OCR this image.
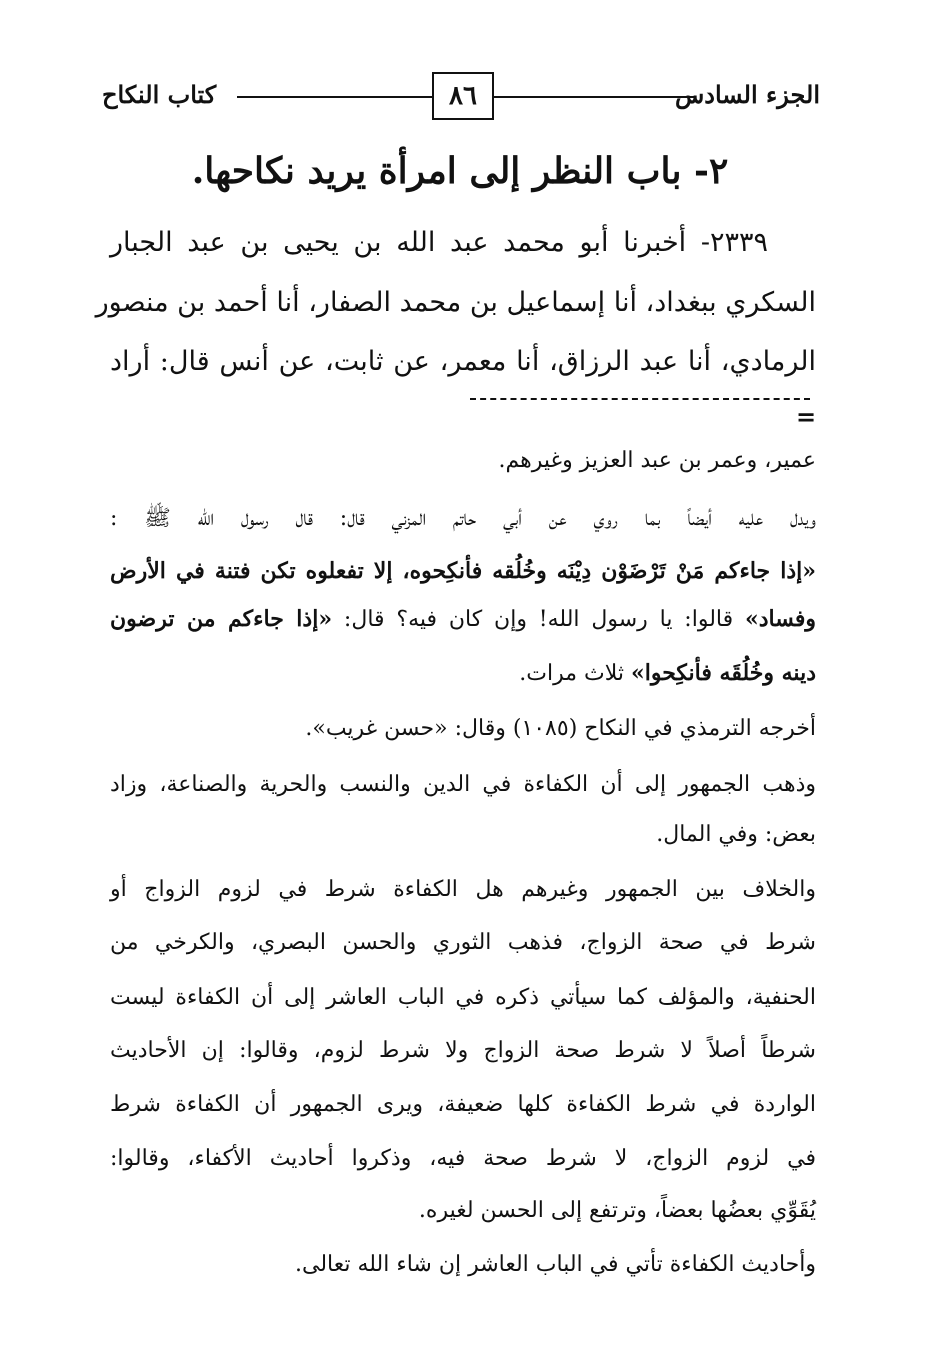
الجزء السادس
كتاب النكاح	٨٦
٢- باب النظر إلى امرأة يريد نكاحها.
٢٣٣٩- أخبرنا أبو محمد عبد الله بن يحيى بن عبد الجبار
السكري ببغداد، أنا إسماعيل بن محمد الصفار، أنا أحمد بن منصور
الرمادي، أنا عبد الرزاق، أنا معمر، عن ثابت، عن أنس قال: أراد
=
عمير، وعمر بن عبد العزيز وغيرهم.
ويدل عليه أيضاً بما روي عن أبي حاتم المزني قال: قال رسول الله ﷺ :
«إذا جاءكم مَنْ تَرْضَوْن دِيْنَه وخُلُقه فأنكِحوه، إلا تفعلوه تكن فتنة في الأرض
وفساد» قالوا: يا رسول الله! وإن كان فيه؟ قال: «إذا جاءكم من ترضون
دينه وخُلُقَه فأنكِحوا» ثلاث مرات.
أخرجه الترمذي في النكاح (١٠٨٥) وقال: «حسن غريب».
وذهب الجمهور إلى أن الكفاءة في الدين والنسب والحرية والصناعة، وزاد
بعض: وفي المال.
والخلاف بين الجمهور وغيرهم هل الكفاءة شرط في لزوم الزواج أو
شرط في صحة الزواج، فذهب الثوري والحسن البصري، والكرخي من
الحنفية، والمؤلف كما سيأتي ذكره في الباب العاشر إلى أن الكفاءة ليست
شرطاً أصلاً لا شرط صحة الزواج ولا شرط لزوم، وقالوا: إن الأحاديث
الواردة في شرط الكفاءة كلها ضعيفة، ويرى الجمهور أن الكفاءة شرط
في لزوم الزواج، لا شرط صحة فيه، وذكروا أحاديث الأكفاء، وقالوا:
يُقَوِّي بعضُها بعضاً، وترتفع إلى الحسن لغيره.
وأحاديث الكفاءة تأتي في الباب العاشر إن شاء الله تعالى.
